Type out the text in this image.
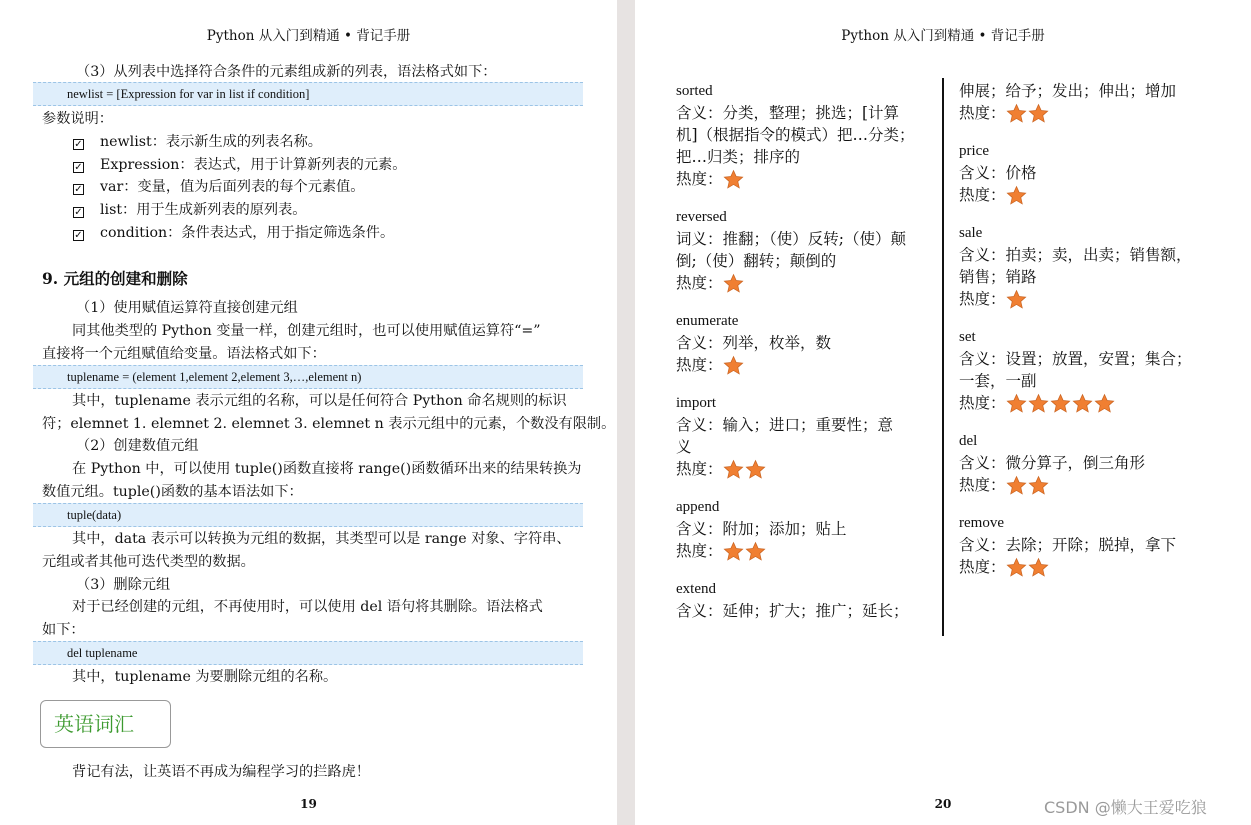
Python 从入门到精通 • 背记手册
（3）从列表中选择符合条件的元素组成新的列表，语法格式如下：
newlist = [Expression for var in list if condition]
参数说明：
✓ newlist：表示新生成的列表名称。
✓ Expression：表达式，用于计算新列表的元素。
✓ var：变量，值为后面列表的每个元素值。
✓ list：用于生成新列表的原列表。
✓ condition：条件表达式，用于指定筛选条件。
9. 元组的创建和删除
（1）使用赋值运算符直接创建元组
同其他类型的 Python 变量一样，创建元组时，也可以使用赋值运算符“=”
直接将一个元组赋值给变量。语法格式如下：
tuplename = (element 1,element 2,element 3,…,element n)
其中，tuplename 表示元组的名称，可以是任何符合 Python 命名规则的标识
符；elemnet 1. elemnet 2. elemnet 3. elemnet n 表示元组中的元素，个数没有限制。
（2）创建数值元组
在 Python 中，可以使用 tuple()函数直接将 range()函数循环出来的结果转换为
数值元组。tuple()函数的基本语法如下：
tuple(data)
其中，data 表示可以转换为元组的数据，其类型可以是 range 对象、字符串、
元组或者其他可迭代类型的数据。
（3）删除元组
对于已经创建的元组，不再使用时，可以使用 del 语句将其删除。语法格式
如下：
del tuplename
其中，tuplename 为要删除元组的名称。
英语词汇
背记有法，让英语不再成为编程学习的拦路虎！
19
Python 从入门到精通 • 背记手册
sorted
含义：分类，整理；挑选；[计算
机]（根据指令的模式）把…分类；
把…归类；排序的
热度：
reversed
词义：推翻；（使）反转;（使）颠
倒;（使）翻转；颠倒的
热度：
enumerate
含义：列举，枚举，数
热度：
import
含义：输入；进口；重要性；意
义
热度：
append
含义：附加；添加；贴上
热度：
extend
含义：延伸；扩大；推广；延长；
伸展；给予；发出；伸出；增加
热度：
price
含义：价格
热度：
sale
含义：拍卖；卖，出卖；销售额，
销售；销路
热度：
set
含义：设置；放置，安置；集合；
一套，一副
热度：
del
含义：微分算子，倒三角形
热度：
remove
含义：去除；开除；脱掉，拿下
热度：
20	CSDN @懒大王爱吃狼
